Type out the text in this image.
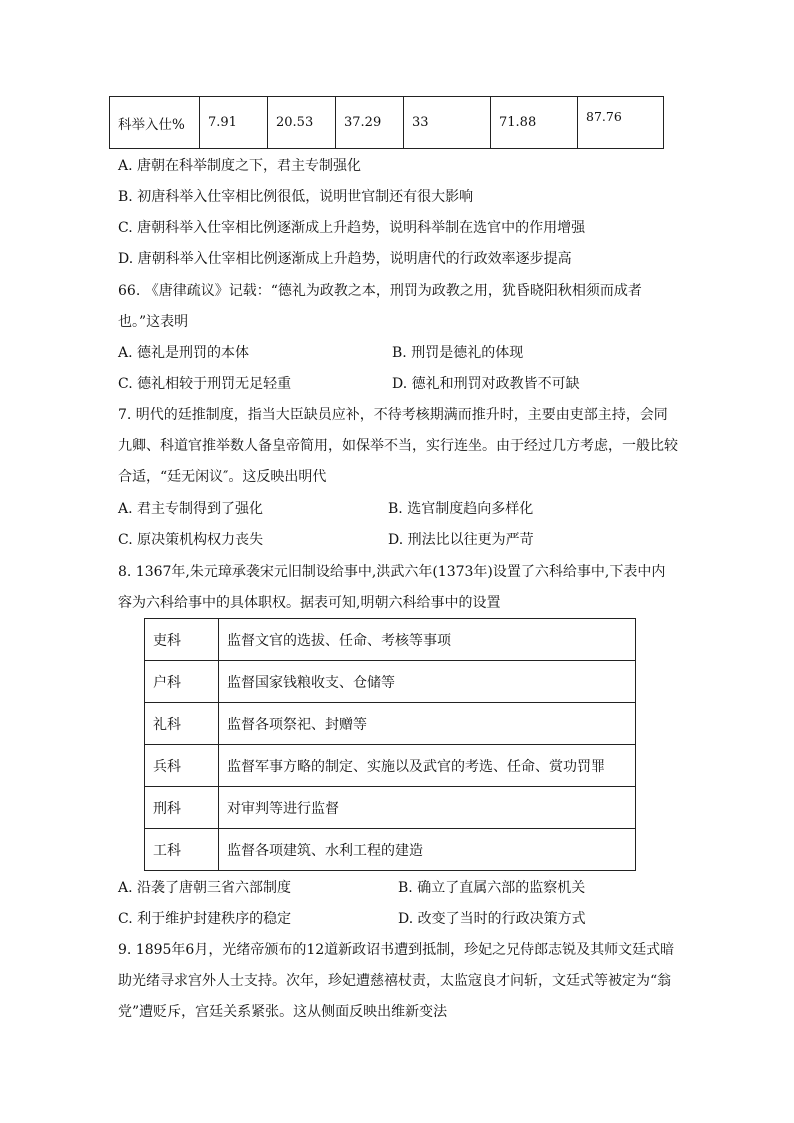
科举入仕%	7.91	20.53	37.29	33	71.88	87.76
A. 唐朝在科举制度之下，君主专制强化
B. 初唐科举入仕宰相比例很低，说明世官制还有很大影响
C. 唐朝科举入仕宰相比例逐渐成上升趋势，说明科举制在选官中的作用增强
D. 唐朝科举入仕宰相比例逐渐成上升趋势，说明唐代的行政效率逐步提高
66. 《唐律疏议》记载：“德礼为政教之本，刑罚为政教之用，犹昏晓阳秋相须而成者
也。”这表明
A. 德礼是刑罚的本体	B. 刑罚是德礼的体现
C. 德礼相较于刑罚无足轻重	D. 德礼和刑罚对政教皆不可缺
7. 明代的廷推制度，指当大臣缺员应补，不待考核期满而推升时，主要由吏部主持，会同
九卿、科道官推举数人备皇帝简用，如保举不当，实行连坐。由于经过几方考虑，一般比较
合适，“廷无闲议″。这反映出明代
A. 君主专制得到了强化	B. 选官制度趋向多样化
C. 原决策机构权力丧失	D. 刑法比以往更为严苛
8. 1367年,朱元璋承袭宋元旧制设给事中,洪武六年(1373年)设置了六科给事中,下表中内
容为六科给事中的具体职权。据表可知,明朝六科给事中的设置
吏科	监督文官的选拔、任命、考核等事项
户科	监督国家钱粮收支、仓储等
礼科	监督各项祭祀、封赠等
兵科	监督军事方略的制定、实施以及武官的考选、任命、赏功罚罪
刑科	对审判等进行监督
工科	监督各项建筑、水利工程的建造
A. 沿袭了唐朝三省六部制度	B. 确立了直属六部的监察机关
C. 利于维护封建秩序的稳定	D. 改变了当时的行政决策方式
9. 1895年6月，光绪帝颁布的12道新政诏书遭到抵制，珍妃之兄侍郎志锐及其师文廷式暗
助光绪寻求宫外人士支持。次年，珍妃遭慈禧杖责，太监寇良才问斩，文廷式等被定为“翁
党”遭贬斥，宫廷关系紧张。这从侧面反映出维新变法
